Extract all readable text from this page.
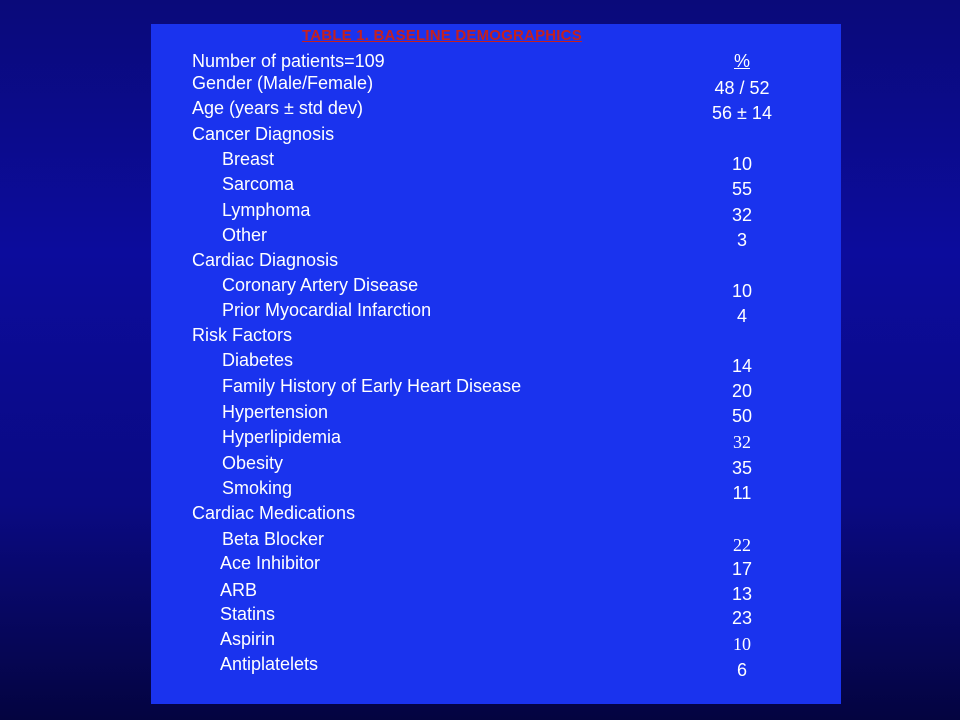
TABLE 1. BASELINE DEMOGRAPHICS
Number of patients=109	%
Gender (Male/Female)	48 / 52
Age (years ± std dev)	56 ± 14
Cancer Diagnosis
Breast	10
Sarcoma	55
Lymphoma	32
Other	3
Cardiac Diagnosis
Coronary Artery Disease	10
Prior Myocardial Infarction	4
Risk Factors
Diabetes	14
Family History of Early Heart Disease	20
Hypertension	50
Hyperlipidemia	32
Obesity	35
Smoking	11
Cardiac Medications
Beta Blocker	22
Ace Inhibitor	17
ARB	13
Statins	23
Aspirin	10
Antiplatelets	6
